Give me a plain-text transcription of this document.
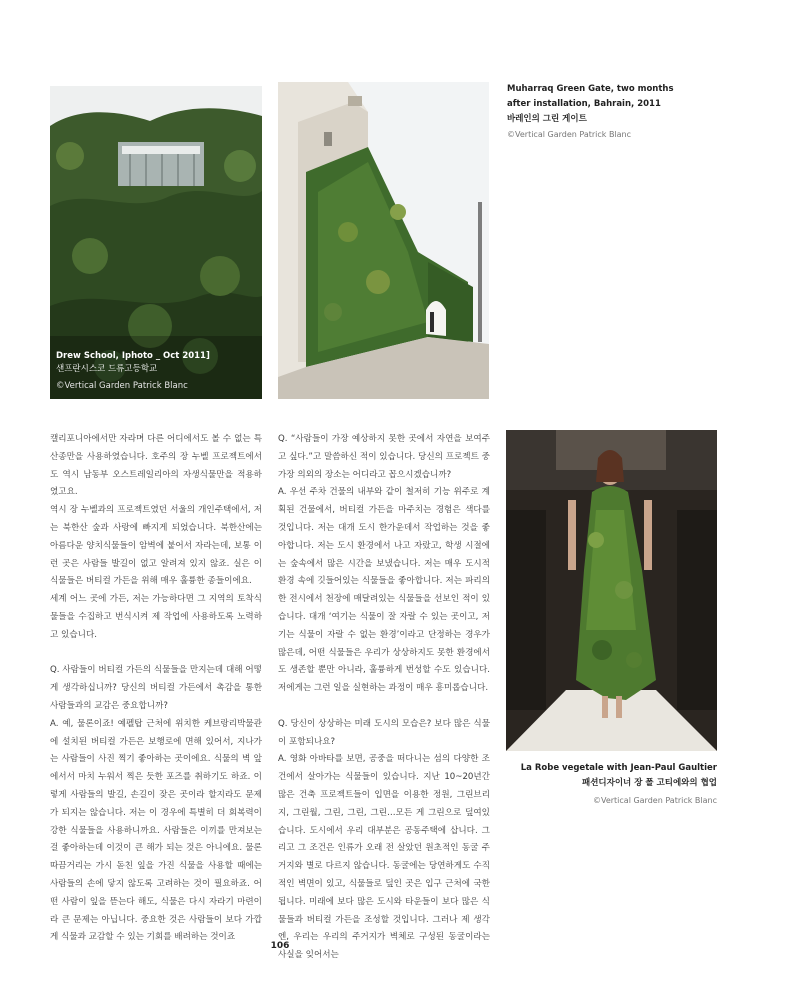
Drew School, Iphoto _ Oct 2011]
샌프란시스코 드류고등학교
©Vertical Garden Patrick Blanc
Muharraq Green Gate, two months
after installation, Bahrain, 2011
바레인의 그린 게이트
©Vertical Garden Patrick Blanc
La Robe vegetale with Jean-Paul Gaultier
패션디자이너 장 폴 고티에와의 협업
©Vertical Garden Patrick Blanc

캘리포니아에서만 자라며 다른 어디에서도 볼 수 없는 특산종만을 사용하였습니다. 호주의 장 누벨 프로젝트에서도 역시 남동부 오스트레일리아의 자생식물만을 적용하였고요.

역시 장 누벨과의 프로젝트였던 서울의 개인주택에서, 저는 북한산 숲과 사랑에 빠지게 되었습니다. 북한산에는 아름다운 양치식물들이 암벽에 붙어서 자라는데, 보통 이런 곳은 사람들 발길이 없고 알려져 있지 않죠. 실은 이 식물들은 버티컬 가든을 위해 매우 훌륭한 종들이에요.

세계 어느 곳에 가든, 저는 가능하다면 그 지역의 토착식물들을 수집하고 번식시켜 제 작업에 사용하도록 노력하고 있습니다.

Q. 사람들이 버티컬 가든의 식물들을 만지는데 대해 어떻게 생각하십니까? 당신의 버티컬 가든에서 촉감을 통한 사람들과의 교감은 중요합니까?

A. 예, 물론이죠! 예펠탑 근처에 위치한 케브랑리박물관에 설치된 버티컬 가든은 보행로에 면해 있어서, 지나가는 사람들이 사진 찍기 좋아하는 곳이에요. 식물의 벽 앞에서서 마치 누워서 찍은 듯한 포즈를 취하기도 하죠. 이렇게 사람들의 발길, 손길이 잦은 곳이라 할지라도 문제가 되지는 않습니다. 저는 이 경우에 특별히 더 회복력이 강한 식물들을 사용하니까요. 사람들은 이끼를 만져보는 걸 좋아하는데 이것이 큰 해가 되는 것은 아니에요. 물론 따끔거리는 가시 돋친 잎을 가진 식물을 사용할 때에는 사람들의 손에 닿지 않도록 고려하는 것이 필요하죠. 어떤 사람이 잎을 뜯는다 해도, 식물은 다시 자라기 마련이라 큰 문제는 아닙니다. 중요한 것은 사람들이 보다 가깝게 식물과 교감할 수 있는 기회를 배려하는 것이죠

Q. “사람들이 가장 예상하지 못한 곳에서 자연을 보여주고 싶다.”고 말씀하신 적이 있습니다. 당신의 프로젝트 중 가장 의외의 장소는 어디라고 꼽으시겠습니까?

A. 우선 주차 건물의 내부와 같이 철저히 기능 위주로 계획된 건물에서, 버티컬 가든을 마주치는 경험은 색다를 것입니다. 저는 대개 도시 한가운데서 작업하는 것을 좋아합니다. 저는 도시 환경에서 나고 자랐고, 학생 시절에는 숲속에서 많은 시간을 보냈습니다. 저는 매우 도시적 환경 속에 깃들어있는 식물들을 좋아합니다. 저는 파리의 한 전시에서 천장에 매달려있는 식물들을 선보인 적이 있습니다. 대개 ‘여기는 식물이 잘 자랄 수 있는 곳이고, 저기는 식물이 자랄 수 없는 환경’이라고 단정하는 경우가 많은데, 어떤 식물들은 우리가 상상하지도 못한 환경에서도 생존할 뿐만 아니라, 훌륭하게 번성할 수도 있습니다. 저에게는 그런 일을 실현하는 과정이 매우 흥미롭습니다.

Q. 당신이 상상하는 미래 도시의 모습은? 보다 많은 식물이 포함되나요?

A. 영화 아바타를 보면, 공중을 떠다니는 섬의 다양한 조건에서 살아가는 식물들이 있습니다. 지난 10~20년간 많은 건축 프로젝트들이 입면을 이용한 정원, 그린브리지, 그린월, 그린, 그린, 그린…모든 게 그린으로 덮여있습니다. 도시에서 우리 대부분은 공동주택에 삽니다. 그리고 그 조건은 인류가 오래 전 살았던 원초적인 동굴 주거지와 별로 다르지 않습니다. 동굴에는 당연하게도 수직적인 벽면이 있고, 식물들로 덮인 곳은 입구 근처에 국한됩니다. 미래에 보다 많은 도시와 타운들이 보다 많은 식물들과 버티컬 가든을 조성할 것입니다. 그러나 제 생각엔, 우리는 우리의 주거지가 벽체로 구성된 동굴이라는 사실을 잊어서는

106
